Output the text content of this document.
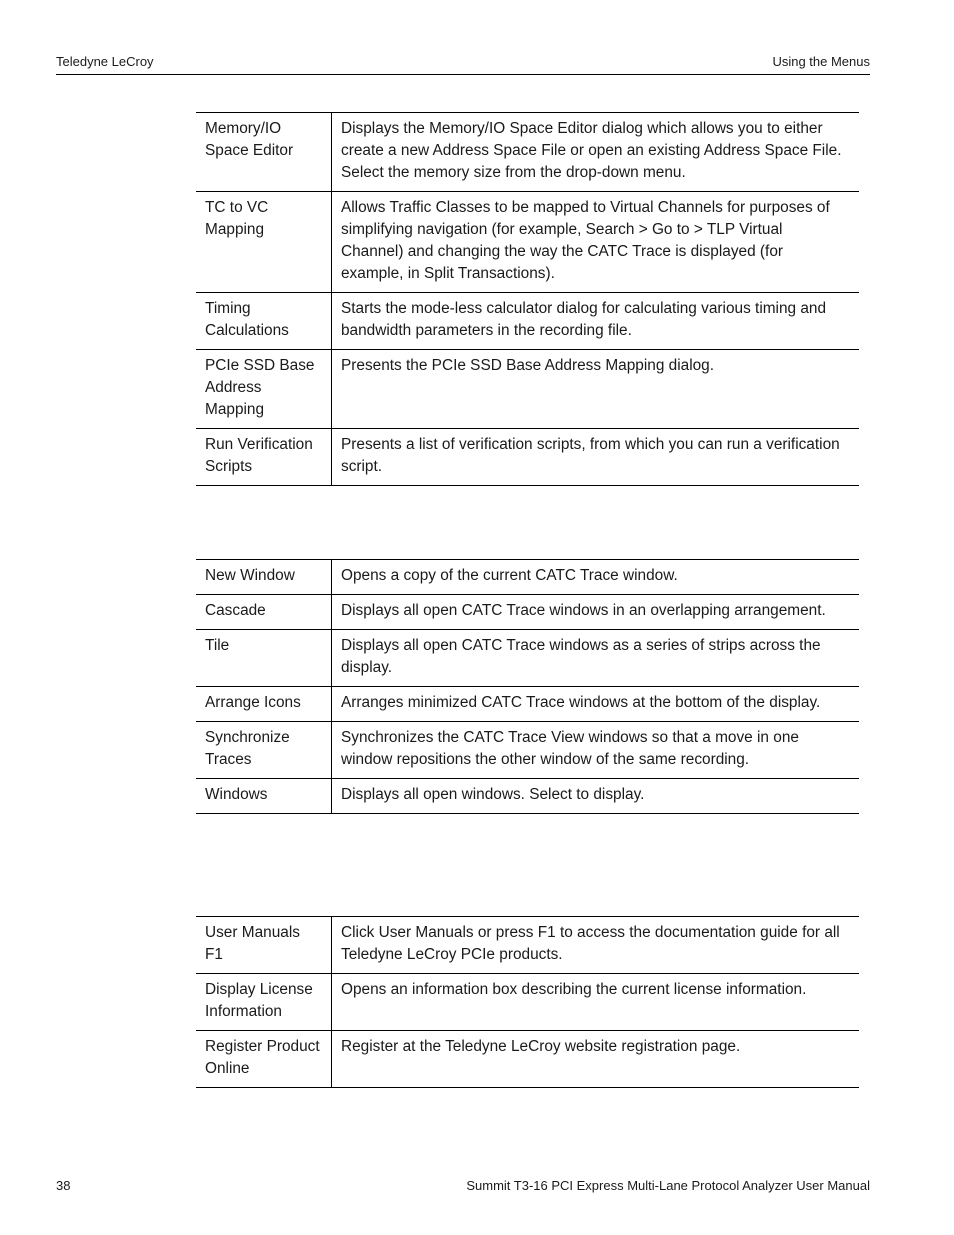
Teledyne LeCroy	Using the Menus
Memory/IO Space Editor	Displays the Memory/IO Space Editor dialog which allows you to either create a new Address Space File or open an existing Address Space File. Select the memory size from the drop-down menu.
TC to VC Mapping	Allows Traffic Classes to be mapped to Virtual Channels for purposes of simplifying navigation (for example, Search > Go to > TLP Virtual Channel) and changing the way the CATC Trace is displayed (for example, in Split Transactions).
Timing Calculations	Starts the mode-less calculator dialog for calculating various timing and bandwidth parameters in the recording file.
PCIe SSD Base Address Mapping	Presents the PCIe SSD Base Address Mapping dialog.
Run Verification Scripts	Presents a list of verification scripts, from which you can run a verification script.
New Window	Opens a copy of the current CATC Trace window.
Cascade	Displays all open CATC Trace windows in an overlapping arrangement.
Tile	Displays all open CATC Trace windows as a series of strips across the display.
Arrange Icons	Arranges minimized CATC Trace windows at the bottom of the display.
Synchronize Traces	Synchronizes the CATC Trace View windows so that a move in one window repositions the other window of the same recording.
Windows	Displays all open windows. Select to display.
User Manuals F1	Click User Manuals or press F1 to access the documentation guide for all Teledyne LeCroy PCIe products.
Display License Information	Opens an information box describing the current license information.
Register Product Online	Register at the Teledyne LeCroy website registration page.
38	Summit T3-16 PCI Express Multi-Lane Protocol Analyzer User Manual
